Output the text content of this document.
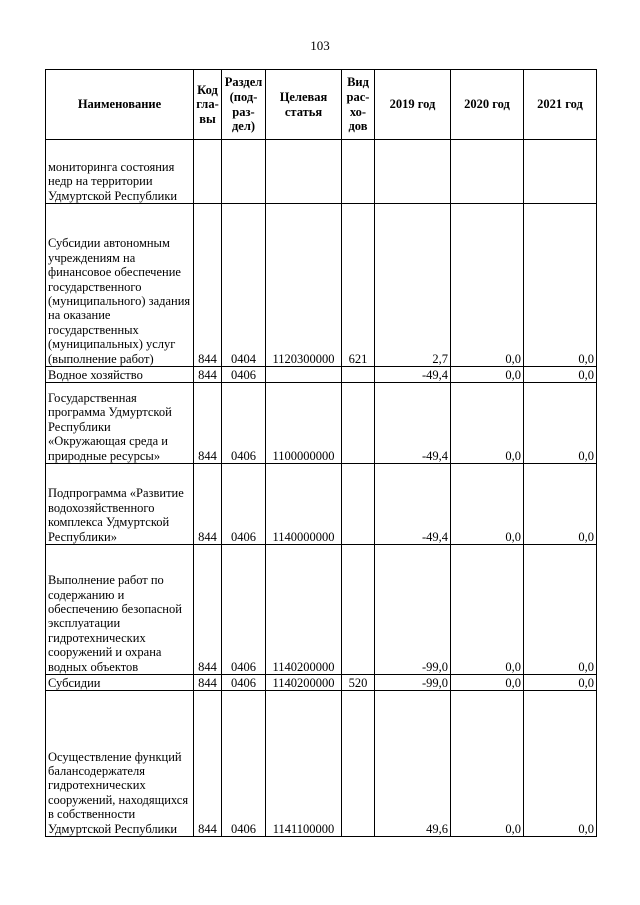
103
Наименование	Код
гла-
вы	Раздел
(под-
раз-
дел)	Целевая
статья	Вид
рас-
хо-
дов	2019 год	2020 год	2021 год
мониторинга состояния недр на территории Удмуртской Республики							
Субсидии автономным учреждениям на финансовое обеспечение государственного (муниципального) задания на оказание государственных (муниципальных) услуг (выполнение работ)	844	0404	1120300000	621	2,7	0,0	0,0
Водное хозяйство	844	0406			-49,4	0,0	0,0
Государственная программа Удмуртской Республики «Окружающая среда и природные ресурсы»	844	0406	1100000000		-49,4	0,0	0,0
Подпрограмма «Развитие водохозяйственного комплекса Удмуртской Республики»	844	0406	1140000000		-49,4	0,0	0,0
Выполнение работ по содержанию и обеспечению безопасной эксплуатации гидротехнических сооружений и охрана водных объектов	844	0406	1140200000		-99,0	0,0	0,0
Субсидии	844	0406	1140200000	520	-99,0	0,0	0,0
Осуществление функций балансодержателя гидротехнических сооружений, находящихся в собственности Удмуртской Республики	844	0406	1141100000		49,6	0,0	0,0
